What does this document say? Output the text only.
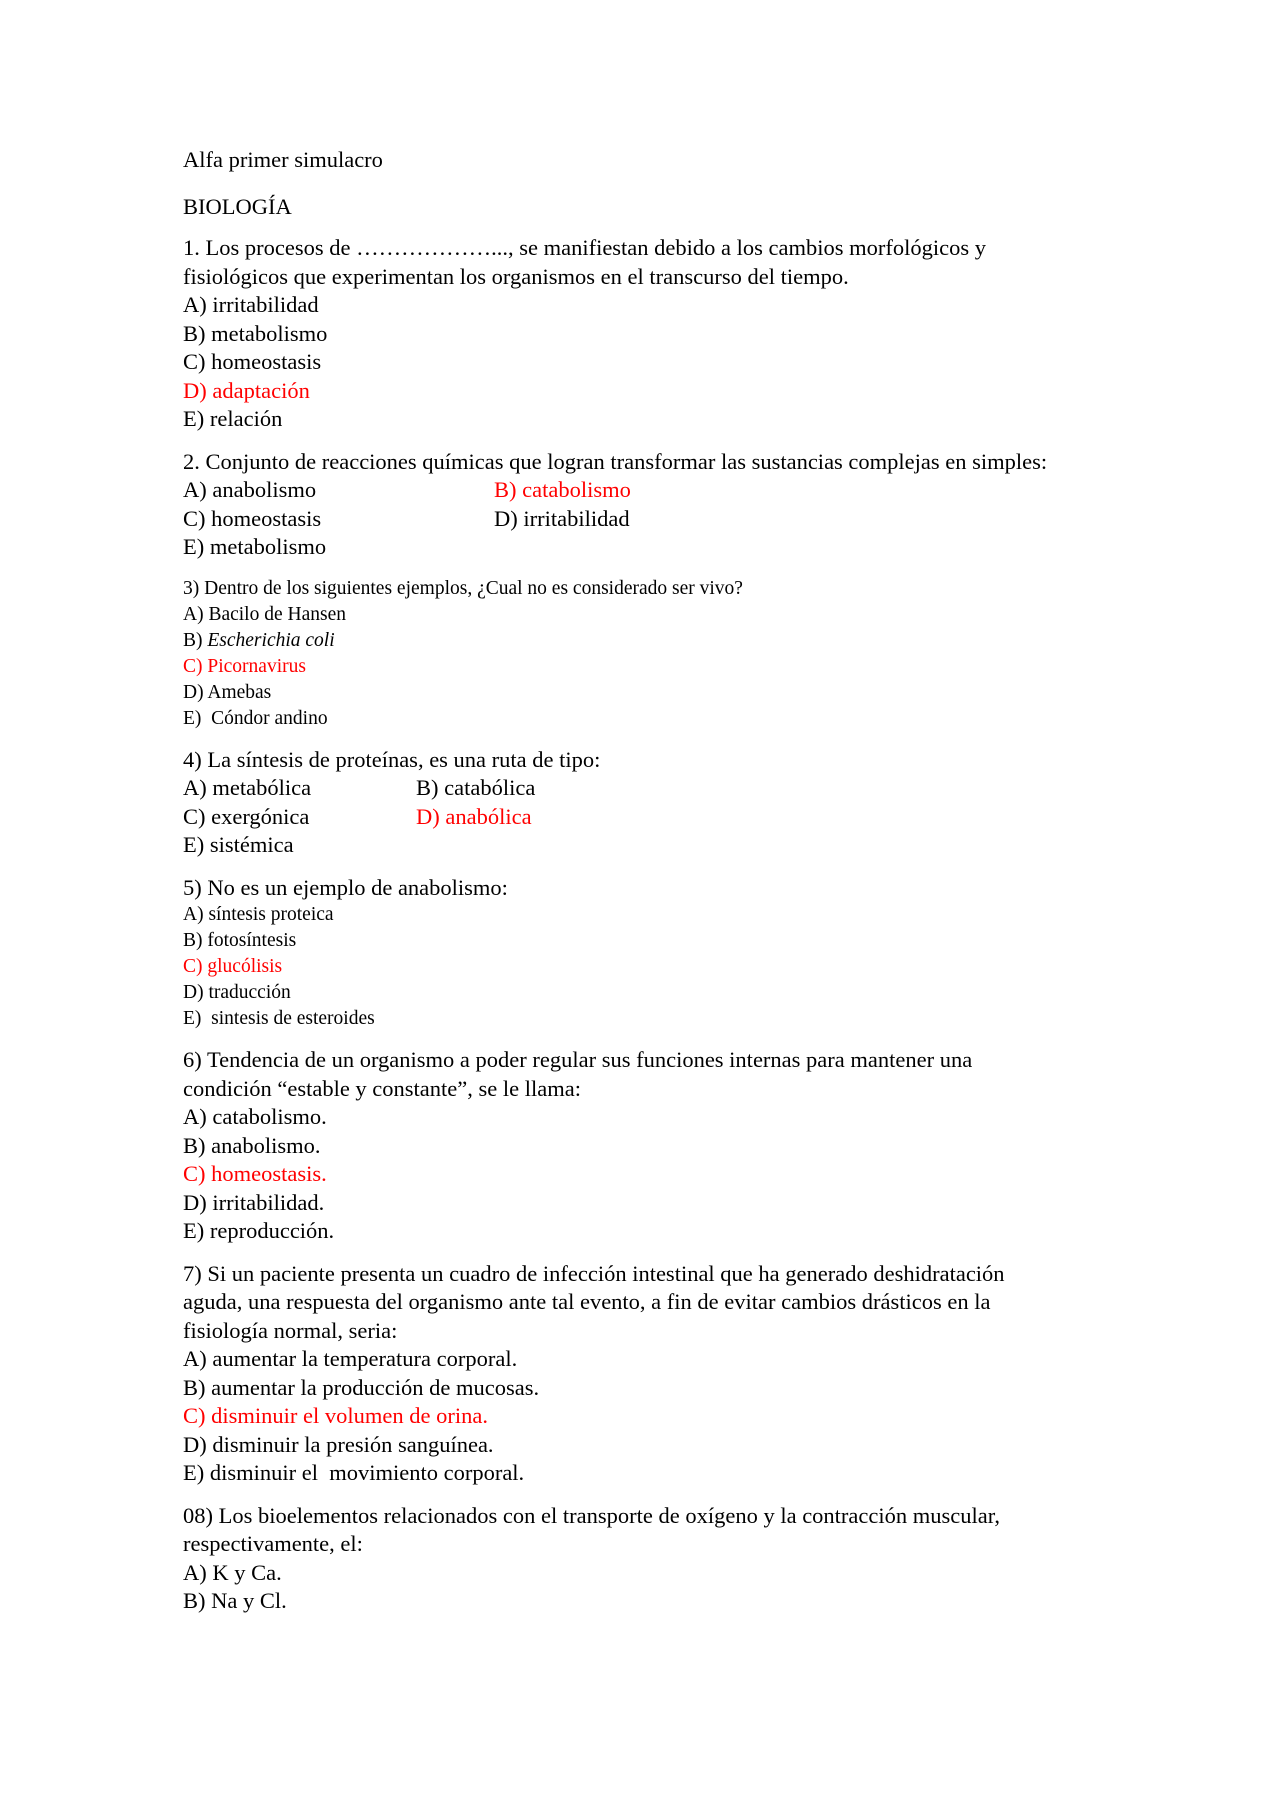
Alfa primer simulacro
BIOLOGÍA
1. Los procesos de ………………..., se manifiestan debido a los cambios morfológicos y
fisiológicos que experimentan los organismos en el transcurso del tiempo.
A) irritabilidad
B) metabolismo
C) homeostasis
D) adaptación
E) relación
2. Conjunto de reacciones químicas que logran transformar las sustancias complejas en simples:
A) anabolismo	B) catabolismo
C) homeostasis	D) irritabilidad
E) metabolismo
3) Dentro de los siguientes ejemplos, ¿Cual no es considerado ser vivo?
A) Bacilo de Hansen
B) Escherichia coli
C) Picornavirus
D) Amebas
E)  Cóndor andino
4) La síntesis de proteínas, es una ruta de tipo:
A) metabólica	B) catabólica
C) exergónica	D) anabólica
E) sistémica
5) No es un ejemplo de anabolismo:
A) síntesis proteica
B) fotosíntesis
C) glucólisis
D) traducción
E)  sintesis de esteroides
6) Tendencia de un organismo a poder regular sus funciones internas para mantener una
condición “estable y constante”, se le llama:
A) catabolismo.
B) anabolismo.
C) homeostasis.
D) irritabilidad.
E) reproducción.
7) Si un paciente presenta un cuadro de infección intestinal que ha generado deshidratación
aguda, una respuesta del organismo ante tal evento, a fin de evitar cambios drásticos en la
fisiología normal, seria:
A) aumentar la temperatura corporal.
B) aumentar la producción de mucosas.
C) disminuir el volumen de orina.
D) disminuir la presión sanguínea.
E) disminuir el  movimiento corporal.
08) Los bioelementos relacionados con el transporte de oxígeno y la contracción muscular,
respectivamente, el:
A) K y Ca.
B) Na y Cl.
